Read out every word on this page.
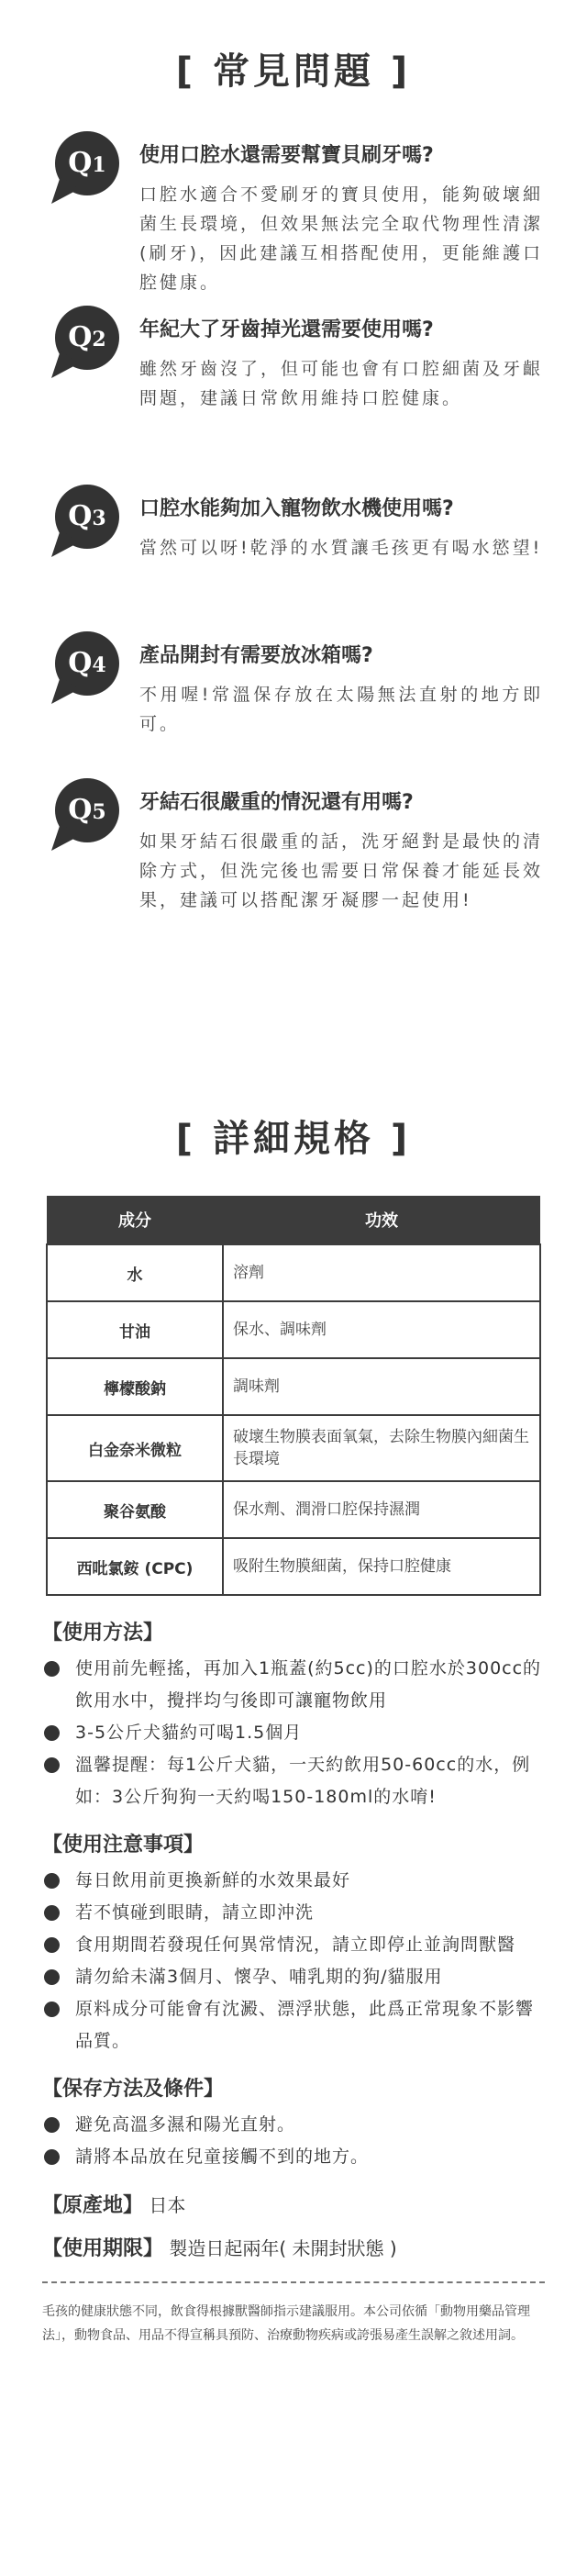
[ 常見問題 ]
Q1	使用口腔水還需要幫寶貝刷牙嗎?

口腔水適合不愛刷牙的寶貝使用，能夠破壞細菌生長環境，但效果無法完全取代物理性清潔(刷牙)，因此建議互相搭配使用，更能維護口腔健康。

Q2	年紀大了牙齒掉光還需要使用嗎?

雖然牙齒沒了，但可能也會有口腔細菌及牙齦問題，建議日常飲用維持口腔健康。

Q3	口腔水能夠加入寵物飲水機使用嗎?

當然可以呀!乾淨的水質讓毛孩更有喝水慾望!

Q4	產品開封有需要放冰箱嗎?

不用喔!常溫保存放在太陽無法直射的地方即可。

Q5	牙結石很嚴重的情況還有用嗎?

如果牙結石很嚴重的話，洗牙絕對是最快的清除方式，但洗完後也需要日常保養才能延長效果，建議可以搭配潔牙凝膠一起使用!

[ 詳細規格 ]
成分	功效
水	溶劑
甘油	保水、調味劑
檸檬酸鈉	調味劑
白金奈米微粒	破壞生物膜表面氧氣，去除生物膜內細菌生長環境
聚谷氨酸	保水劑、潤滑口腔保持濕潤
西吡氯銨 (CPC)	吸附生物膜細菌，保持口腔健康

【使用方法】

使用前先輕搖，再加入1瓶蓋(約5cc)的口腔水於300cc的飲用水中，攪拌均勻後即可讓寵物飲用
3-5公斤犬貓約可喝1.5個月
溫馨提醒：每1公斤犬貓，一天約飲用50-60cc的水，例如：3公斤狗狗一天約喝150-180ml的水唷!

【使用注意事項】

每日飲用前更換新鮮的水效果最好
若不慎碰到眼睛，請立即沖洗
食用期間若發現任何異常情況，請立即停止並詢問獸醫
請勿給未滿3個月、懷孕、哺乳期的狗/貓服用
原料成分可能會有沈澱、漂浮狀態，此爲正常現象不影響品質。

【保存方法及條件】

避免高溫多濕和陽光直射。
請將本品放在兒童接觸不到的地方。
【原產地】 日本
【使用期限】 製造日起兩年( 未開封狀態 )

毛孩的健康狀態不同，飲食得根據獸醫師指示建議服用。本公司依循「動物用藥品管理法」，動物食品、用品不得宣稱具預防、治療動物疾病或誇張易產生誤解之敘述用詞。
